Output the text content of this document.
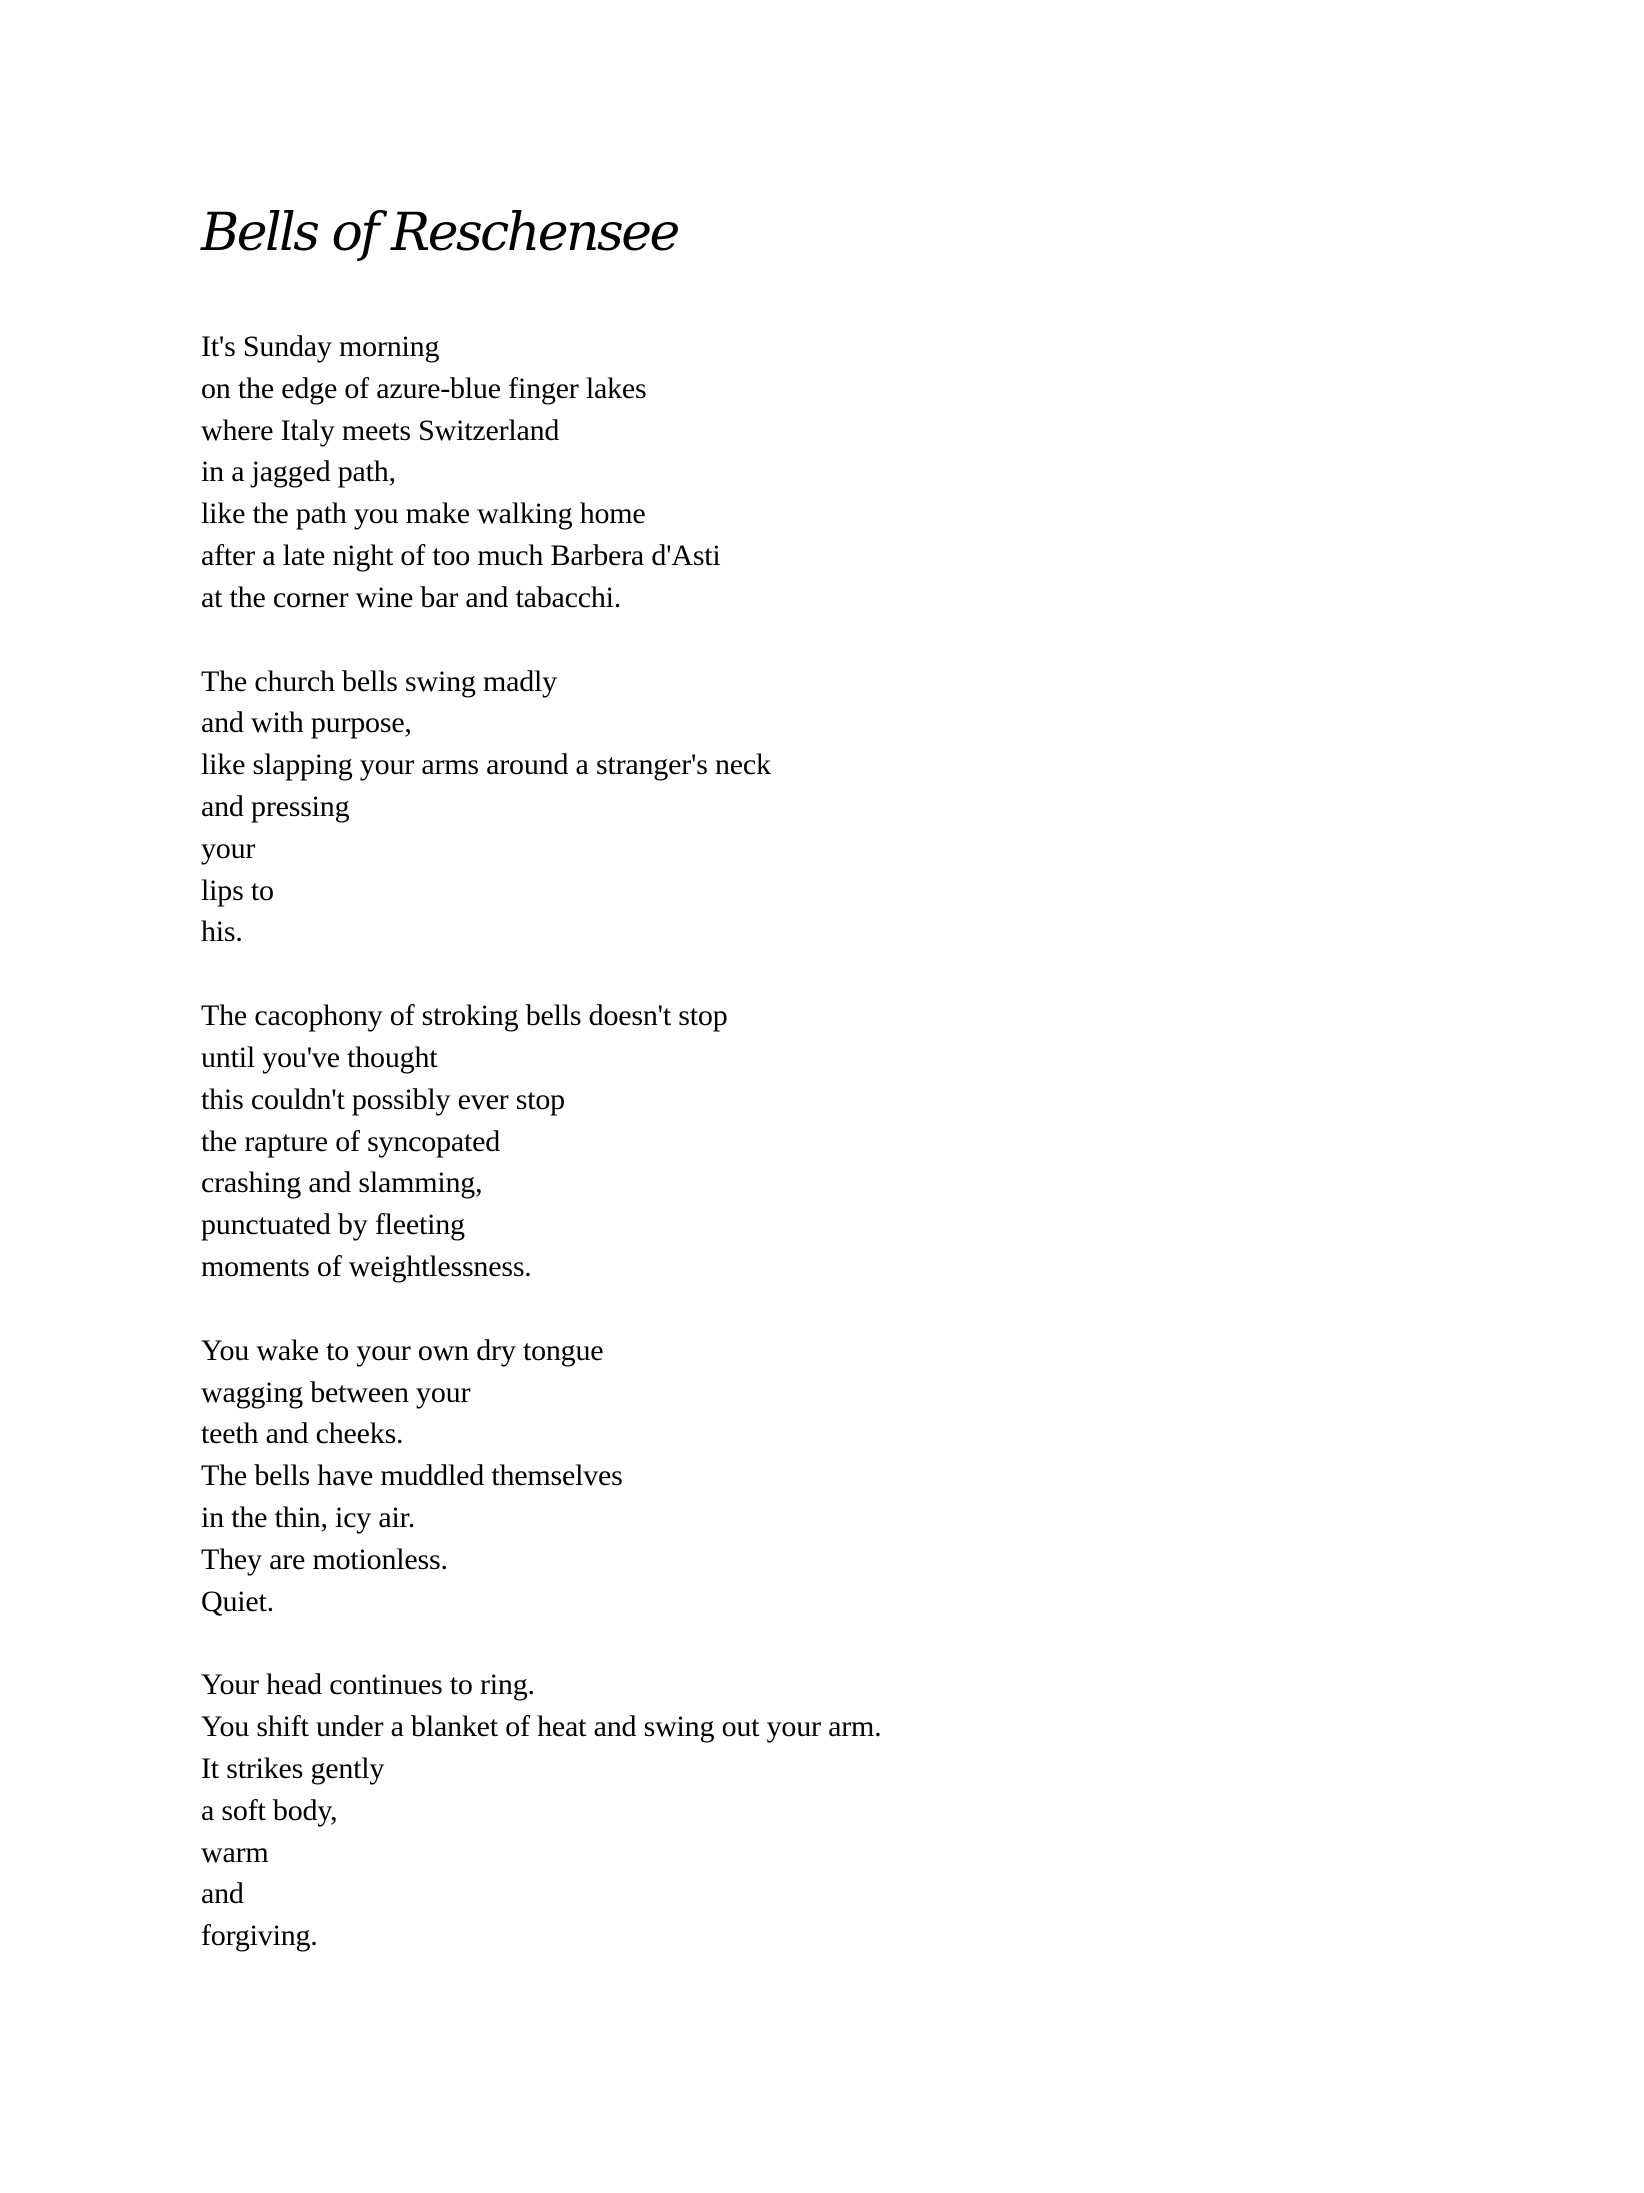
Bells of Reschensee
It's Sunday morning
on the edge of azure-blue finger lakes
where Italy meets Switzerland
in a jagged path,
like the path you make walking home
after a late night of too much Barbera d'Asti
at the corner wine bar and tabacchi.
The church bells swing madly
and with purpose,
like slapping your arms around a stranger's neck
and pressing
your
lips to
his.
The cacophony of stroking bells doesn't stop
until you've thought
this couldn't possibly ever stop
the rapture of syncopated
crashing and slamming,
punctuated by fleeting
moments of weightlessness.
You wake to your own dry tongue
wagging between your
teeth and cheeks.
The bells have muddled themselves
in the thin, icy air.
They are motionless.
Quiet.
Your head continues to ring.
You shift under a blanket of heat and swing out your arm.
It strikes gently
a soft body,
warm
and
forgiving.
